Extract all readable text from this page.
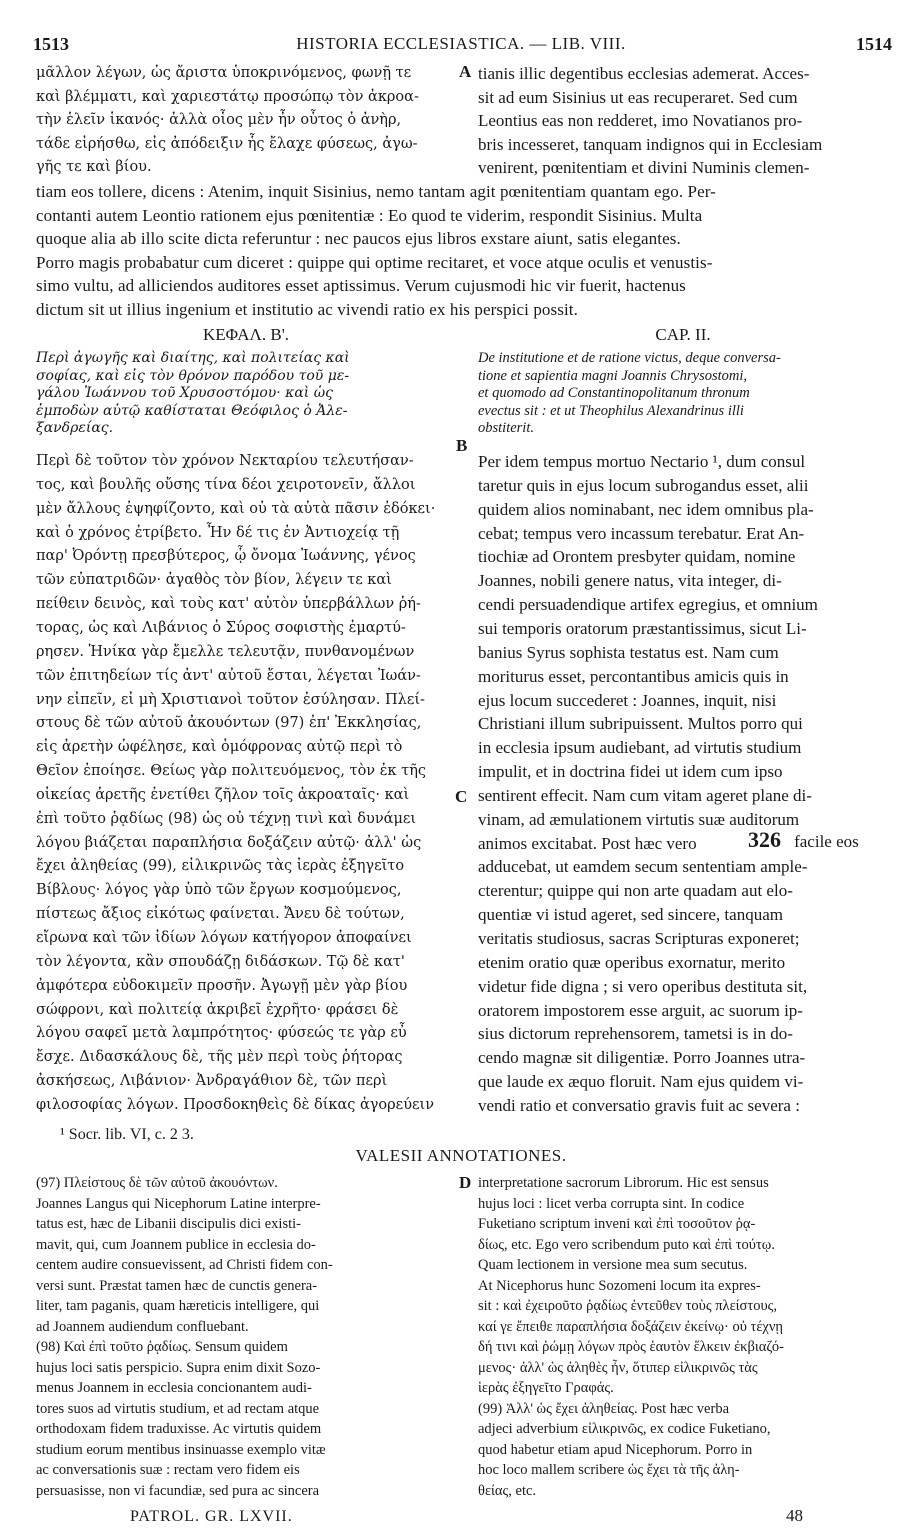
1513	HISTORIA ECCLESIASTICA. — LIB. VIII.	1514
μᾶλλον λέγων, ὡς ἄριστα ὑποκρινόμενος, φωνῇ τε
καὶ βλέμματι, καὶ χαριεστάτῳ προσώπῳ τὸν ἀκροα-
τὴν ἑλεῖν ἱκανός· ἀλλὰ οἷος μὲν ἦν οὗτος ὁ ἀνὴρ,
τάδε εἰρήσθω, εἰς ἀπόδειξιν ἧς ἔλαχε φύσεως, ἀγω-
γῆς τε καὶ βίου.
tianis illic degentibus ecclesias ademerat. Acces-
sit ad eum Sisinius ut eas recuperaret. Sed cum
Leontius eas non redderet, imo Novatianos pro-
bris incesseret, tanquam indignos qui in Ecclesiam
venirent, pœnitentiam et divini Numinis clemen-
A
tiam eos tollere, dicens : Atenim, inquit Sisinius, nemo tantam agit pœnitentiam quantam ego. Per-
contanti autem Leontio rationem ejus pœnitentiæ : Eo quod te viderim, respondit Sisinius. Multa
quoque alia ab illo scite dicta referuntur : nec paucos ejus libros exstare aiunt, satis elegantes.
Porro magis probabatur cum diceret : quippe qui optime recitaret, et voce atque oculis et venustis-
simo vultu, ad alliciendos auditores esset aptissimus. Verum cujusmodi hic vir fuerit, hactenus
dictum sit ut illius ingenium et institutio ac vivendi ratio ex his perspici possit.
ΚΕΦΑΛ. Β'.	CAP. II.
Περὶ ἀγωγῆς καὶ διαίτης, καὶ πολιτείας καὶ
σοφίας, καὶ εἰς τὸν θρόνον παρόδου τοῦ με-
γάλου Ἰωάννου τοῦ Χρυσοστόμου· καὶ ὡς
ἐμποδὼν αὐτῷ καθίσταται Θεόφιλος ὁ Ἀλε-
ξανδρείας.
De institutione et de ratione victus, deque conversa-
tione et sapientia magni Joannis Chrysostomi,
et quomodo ad Constantinopolitanum thronum
evectus sit : et ut Theophilus Alexandrinus illi
obstiterit.
B
Περὶ δὲ τοῦτον τὸν χρόνον Νεκταρίου τελευτήσαν-
τος, καὶ βουλῆς οὔσης τίνα δέοι χειροτονεῖν, ἄλλοι
μὲν ἄλλους ἐψηφίζοντο, καὶ οὐ τὰ αὐτὰ πᾶσιν ἐδόκει·
καὶ ὁ χρόνος ἐτρίβετο. Ἦν δέ τις ἐν Ἀντιοχείᾳ τῇ
παρ' Ὀρόντῃ πρεσβύτερος, ᾧ ὄνομα Ἰωάννης, γένος
τῶν εὐπατριδῶν· ἀγαθὸς τὸν βίον, λέγειν τε καὶ
πείθειν δεινὸς, καὶ τοὺς κατ' αὐτὸν ὑπερβάλλων ῥή-
τορας, ὡς καὶ Λιβάνιος ὁ Σύρος σοφιστὴς ἐμαρτύ-
ρησεν. Ἡνίκα γὰρ ἔμελλε τελευτᾷν, πυνθανομένων
τῶν ἐπιτηδείων τίς ἀντ' αὐτοῦ ἔσται, λέγεται Ἰωάν-
νην εἰπεῖν, εἰ μὴ Χριστιανοὶ τοῦτον ἐσύλησαν. Πλεί-
στους δὲ τῶν αὐτοῦ ἀκουόντων (97) ἐπ' Ἐκκλησίας,
εἰς ἀρετὴν ὠφέλησε, καὶ ὁμόφρονας αὐτῷ περὶ τὸ
Θεῖον ἐποίησε. Θείως γὰρ πολιτευόμενος, τὸν ἐκ τῆς
οἰκείας ἀρετῆς ἐνετίθει ζῆλον τοῖς ἀκροαταῖς· καὶ
ἐπὶ τοῦτο ῥᾳδίως (98) ὡς οὐ τέχνῃ τινὶ καὶ δυνάμει
λόγου βιάζεται παραπλήσια δοξάζειν αὐτῷ· ἀλλ' ὡς
ἔχει ἀληθείας (99), εἰλικρινῶς τὰς ἱερὰς ἐξηγεῖτο
Βίβλους· λόγος γὰρ ὑπὸ τῶν ἔργων κοσμούμενος,
πίστεως ἄξιος εἰκότως φαίνεται. Ἄνευ δὲ τούτων,
εἴρωνα καὶ τῶν ἰδίων λόγων κατήγορον ἀποφαίνει
τὸν λέγοντα, κἂν σπουδάζῃ διδάσκων. Τῷ δὲ κατ'
ἀμφότερα εὐδοκιμεῖν προσῆν. Ἀγωγῇ μὲν γὰρ βίου
σώφρονι, καὶ πολιτείᾳ ἀκριβεῖ ἐχρῆτο· φράσει δὲ
λόγου σαφεῖ μετὰ λαμπρότητος· φύσεώς τε γὰρ εὖ
ἔσχε. Διδασκάλους δὲ, τῆς μὲν περὶ τοὺς ῥήτορας
ἀσκήσεως, Λιβάνιον· Ἀνδραγάθιον δὲ, τῶν περὶ
φιλοσοφίας λόγων. Προσδοκηθεὶς δὲ δίκας ἀγορεύειν
Per idem tempus mortuo Nectario ¹, dum consul
taretur quis in ejus locum subrogandus esset, alii
quidem alios nominabant, nec idem omnibus pla-
cebat; tempus vero incassum terebatur. Erat An-
tiochiæ ad Orontem presbyter quidam, nomine
Joannes, nobili genere natus, vita integer, di-
cendi persuadendique artifex egregius, et omnium
sui temporis oratorum præstantissimus, sicut Li-
banius Syrus sophista testatus est. Nam cum
moriturus esset, percontantibus amicis quis in
ejus locum succederet : Joannes, inquit, nisi
Christiani illum subripuissent. Multos porro qui
in ecclesia ipsum audiebant, ad virtutis studium
impulit, et in doctrina fidei ut idem cum ipso
sentirent effecit. Nam cum vitam ageret plane di-
vinam, ad æmulationem virtutis suæ auditorum
animos excitabat. Post hæc vero
adducebat, ut eamdem secum sententiam ample-
cterentur; quippe qui non arte quadam aut elo-
quentiæ vi istud ageret, sed sincere, tanquam
veritatis studiosus, sacras Scripturas exponeret;
etenim oratio quæ operibus exornatur, merito
videtur fide digna ; si vero operibus destituta sit,
oratorem impostorem esse arguit, ac suorum ip-
sius dictorum reprehensorem, tametsi is in do-
cendo magnæ sit diligentiæ. Porro Joannes utra-
que laude ex æquo floruit. Nam ejus quidem vi-
vendi ratio et conversatio gravis fuit ac severa :
C
326 facile eos
¹ Socr. lib. VI, c. 2 3.
VALESII ANNOTATIONES.
(97) Πλείστους δὲ τῶν αὐτοῦ ἀκουόντων.
Joannes Langus qui Nicephorum Latine interpre-
tatus est, hæc de Libanii discipulis dici existi-
mavit, qui, cum Joannem publice in ecclesia do-
centem audire consuevissent, ad Christi fidem con-
versi sunt. Præstat tamen hæc de cunctis genera-
liter, tam paganis, quam hæreticis intelligere, qui
ad Joannem audiendum confluebant.
(98) Καὶ ἐπὶ τοῦτο ῥᾳδίως. Sensum quidem
hujus loci satis perspicio. Supra enim dixit Sozo-
menus Joannem in ecclesia concionantem audi-
tores suos ad virtutis studium, et ad rectam atque
orthodoxam fidem traduxisse. Ac virtutis quidem
studium eorum mentibus insinuasse exemplo vitæ
ac conversationis suæ : rectam vero fidem eis
persuasisse, non vi facundiæ, sed pura ac sincera
interpretatione sacrorum Librorum. Hic est sensus
hujus loci : licet verba corrupta sint. In codice
Fuketiano scriptum inveni καὶ ἐπὶ τοσοῦτον ῥᾳ-
δίως, etc. Ego vero scribendum puto καὶ ἐπὶ τούτῳ.
Quam lectionem in versione mea sum secutus.
At Nicephorus hunc Sozomeni locum ita expres-
sit : καὶ ἐχειροῦτο ῥᾳδίως ἐντεῦθεν τοὺς πλείστους,
καί γε ἔπειθε παραπλήσια δοξάζειν ἐκείνῳ· οὐ τέχνῃ
δή τινι καὶ ῥώμῃ λόγων πρὸς ἑαυτὸν ἕλκειν ἐκβιαζό-
μενος· ἀλλ' ὡς ἀληθὲς ἦν, ὅτιπερ εἰλικρινῶς τὰς
ἱερὰς ἐξηγεῖτο Γραφάς.
(99) Ἀλλ' ὡς ἔχει ἀληθείας. Post hæc verba
adjeci adverbium εἰλικρινῶς, ex codice Fuketiano,
quod habetur etiam apud Nicephorum. Porro in
hoc loco mallem scribere ὡς ἔχει τὰ τῆς ἀλη-
θείας, etc.
D
PATROL. GR. LXVII.	48
